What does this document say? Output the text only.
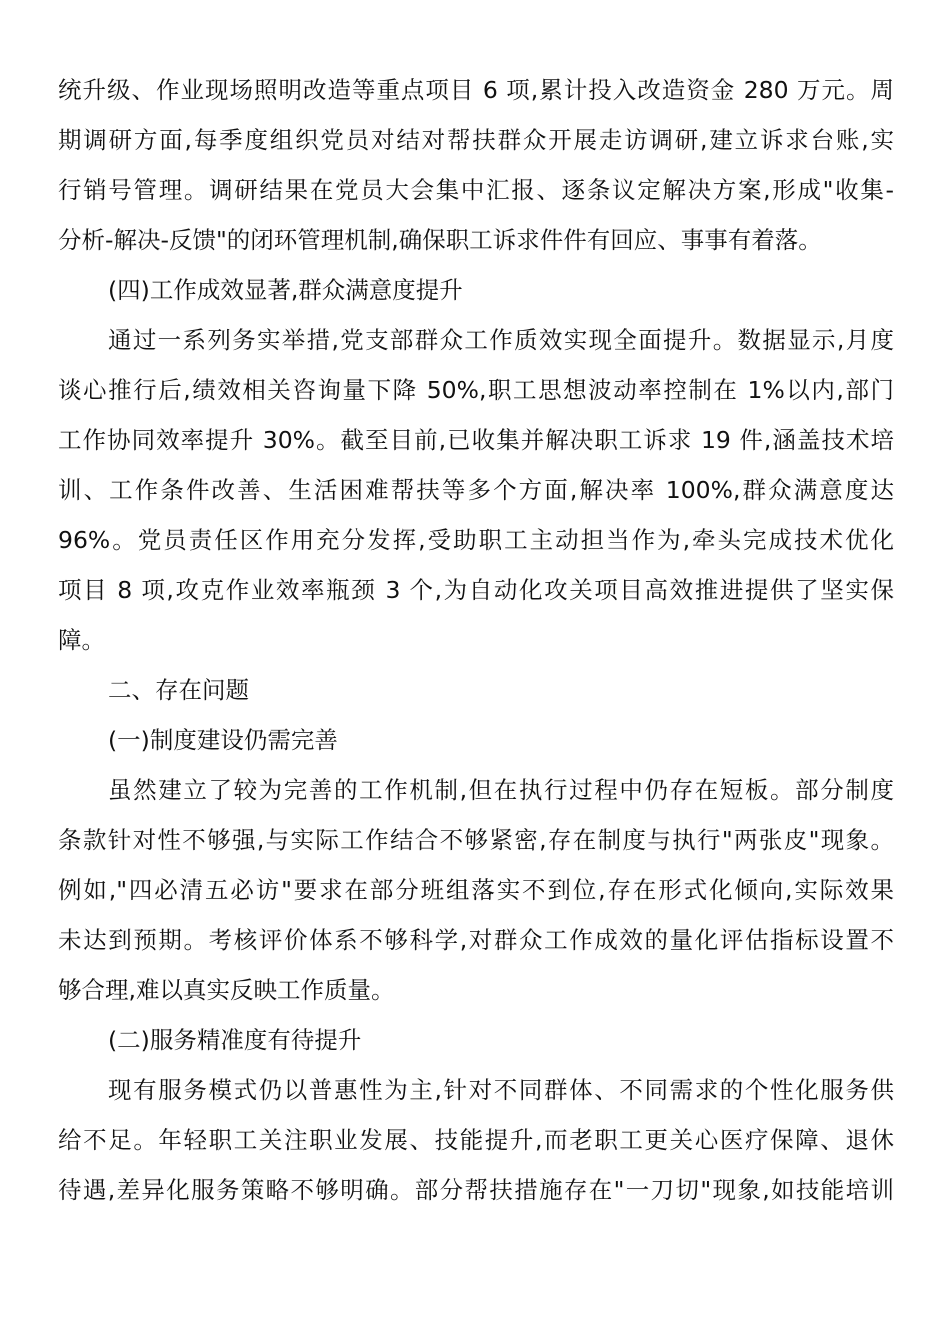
统升级、作业现场照明改造等重点项目 6 项,累计投入改造资金 280 万元。周
期调研方面,每季度组织党员对结对帮扶群众开展走访调研,建立诉求台账,实
行销号管理。调研结果在党员大会集中汇报、逐条议定解决方案,形成"收集-
分析-解决-反馈"的闭环管理机制,确保职工诉求件件有回应、事事有着落。
(四)工作成效显著,群众满意度提升
通过一系列务实举措,党支部群众工作质效实现全面提升。数据显示,月度
谈心推行后,绩效相关咨询量下降 50%,职工思想波动率控制在 1%以内,部门
工作协同效率提升 30%。截至目前,已收集并解决职工诉求 19 件,涵盖技术培
训、工作条件改善、生活困难帮扶等多个方面,解决率 100%,群众满意度达
96%。党员责任区作用充分发挥,受助职工主动担当作为,牵头完成技术优化
项目 8 项,攻克作业效率瓶颈 3 个,为自动化攻关项目高效推进提供了坚实保
障。
二、存在问题
(一)制度建设仍需完善
虽然建立了较为完善的工作机制,但在执行过程中仍存在短板。部分制度
条款针对性不够强,与实际工作结合不够紧密,存在制度与执行"两张皮"现象。
例如,"四必清五必访"要求在部分班组落实不到位,存在形式化倾向,实际效果
未达到预期。考核评价体系不够科学,对群众工作成效的量化评估指标设置不
够合理,难以真实反映工作质量。
(二)服务精准度有待提升
现有服务模式仍以普惠性为主,针对不同群体、不同需求的个性化服务供
给不足。年轻职工关注职业发展、技能提升,而老职工更关心医疗保障、退休
待遇,差异化服务策略不够明确。部分帮扶措施存在"一刀切"现象,如技能培训
